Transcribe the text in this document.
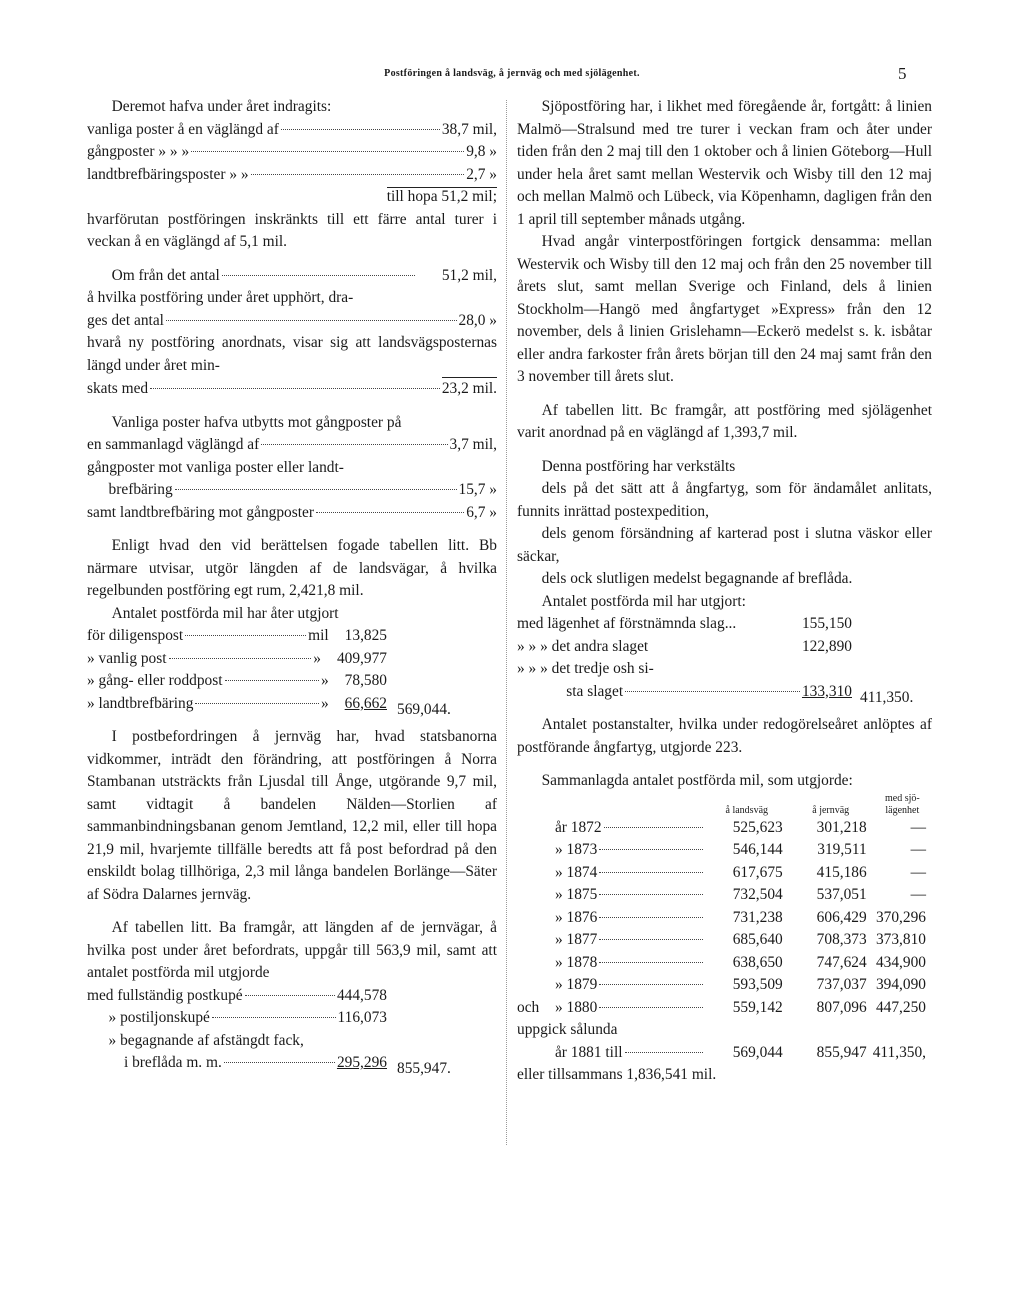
Postföringen å landsväg, å jernväg och med sjölägenhet.	5

Deremot hafva under året indragits:

vanliga poster å en väglängd af	38,7 mil,
gångposter » » »	9,8 »
landtbrefbäringsposter » »	2,7 »
till hopa 51,2 mil;

hvarförutan postföringen inskränkts till ett färre antal turer i veckan å en väglängd af 5,1 mil.

Om från det antal	51,2 mil,

å hvilka postföring under året upphört, dra-

ges det antal	28,0 »

hvarå ny postföring anordnats, visar sig att landsvägsposternas längd under året min-

skats med	23,2 mil.

Vanliga poster hafva utbytts mot gångposter på

en sammanlagd väglängd af	3,7 mil,

gångposter mot vanliga poster eller landt-

brefbäring	15,7 »
samt landtbrefbäring mot gångposter	6,7 »

Enligt hvad den vid berättelsen fogade tabellen litt. Bb närmare utvisar, utgör längden af de landsvägar, å hvilka regelbunden postföring egt rum, 2,421,8 mil.

Antalet postförda mil har åter utgjort

för diligenspost	mil 13,825
» vanlig post	» 409,977
» gång- eller roddpost	» 78,580
» landtbrefbäring	» 66,662 569,044.

I postbefordringen å jernväg har, hvad statsbanorna vidkommer, inträdt den förändring, att postföringen å Norra Stambanan utsträckts från Ljusdal till Ånge, utgörande 9,7 mil, samt vidtagit å bandelen Nälden—Storlien af sammanbindningsbanan genom Jemtland, 12,2 mil, eller till hopa 21,9 mil, hvarjemte tillfälle beredts att få post befordrad på den enskildt bolag tillhöriga, 2,3 mil långa bandelen Borlänge—Säter af Södra Dalarnes jernväg.

Af tabellen litt. Ba framgår, att längden af de jernvägar, å hvilka post under året befordrats, uppgår till 563,9 mil, samt att antalet postförda mil utgjorde

med fullständig postkupé	444,578
» postiljonskupé	116,073
» begagnande af afstängdt fack,
i breflåda m. m.	295,296 855,947.

Sjöpostföring har, i likhet med föregående år, fortgått: å linien Malmö—Stralsund med tre turer i veckan fram och åter under tiden från den 2 maj till den 1 oktober och å linien Göteborg—Hull under hela året samt mellan Westervik och Wisby till den 12 maj och mellan Malmö och Lübeck, via Köpenhamn, dagligen från den 1 april till september månads utgång.

Hvad angår vinterpostföringen fortgick densamma: mellan Westervik och Wisby till den 12 maj och från den 25 november till årets slut, samt mellan Sverige och Finland, dels å linien Stockholm—Hangö med ångfartyget »Express» från den 12 november, dels å linien Grislehamn—Eckerö medelst s. k. isbåtar eller andra farkoster från årets början till den 24 maj samt från den 3 november till årets slut.

Af tabellen litt. Bc framgår, att postföring med sjölägenhet varit anordnad på en väglängd af 1,393,7 mil.

Denna postföring har verkstälts

dels på det sätt att å ångfartyg, som för ändamålet anlitats, funnits inrättad postexpedition,

dels genom försändning af karterad post i slutna väskor eller säckar,

dels ock slutligen medelst begagnande af breflåda.

Antalet postförda mil har utgjort:

med lägenhet af förstnämnda slag...	155,150
» » » det andra slaget	122,890
» » » det tredje osh si-
sta slaget	133,310 411,350.

Antalet postanstalter, hvilka under redogörelseåret anlöptes af postförande ångfartyg, utgjorde 223.

Sammanlagda antalet postförda mil, som utgjorde:

		å landsväg	å jernväg	med sjö-lägenhet

	år 1872	525,623	301,218	—

	» 1873	546,144	319,511	—

	» 1874	617,675	415,186	—

	» 1875	732,504	537,051	—

	» 1876	731,238	606,429	370,296

	» 1877	685,640	708,373	373,810

	» 1878	638,650	747,624	434,900

	» 1879	593,509	737,037	394,090
och	» 1880	559,142	807,096	447,250
uppgick sålunda				

	år 1881 till	569,044	855,947	411,350,

eller tillsammans 1,836,541 mil.
